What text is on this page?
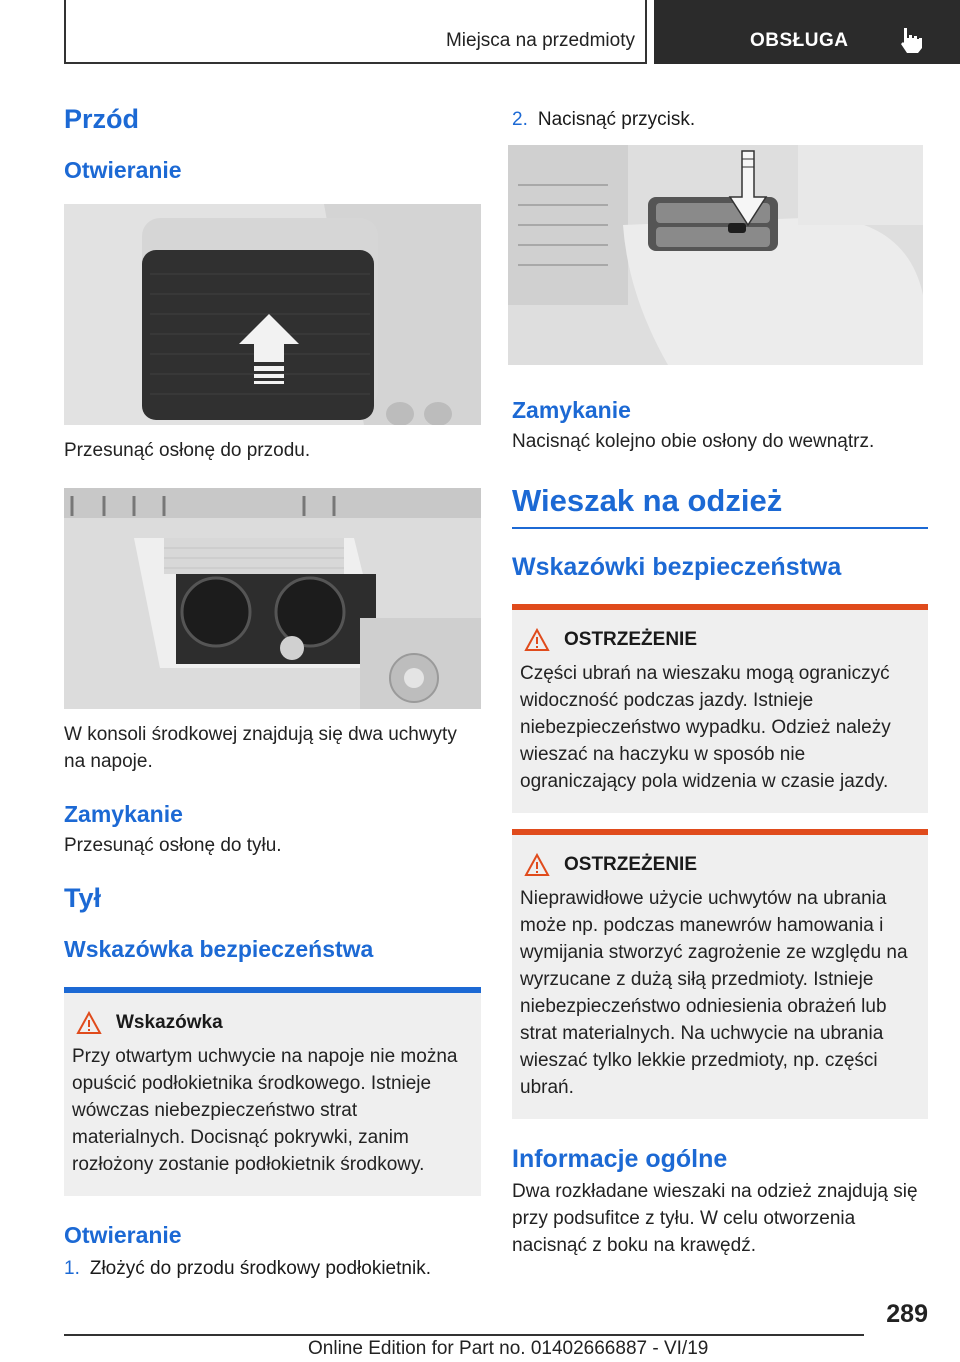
Miejsca na przedmioty	OBSŁUGA
Przód
Otwieranie

Przesunąć osłonę do przodu.

W konsoli środkowej znajdują się dwa uchwyty na napoje.

Zamykanie

Przesunąć osłonę do tyłu.

Tył
Wskazówka bezpieczeństwa
Wskazówka

Przy otwartym uchwycie na napoje nie można opuścić podłokietnika środkowego. Istnieje wówczas niebezpieczeństwo strat materialnych. Docisnąć pokrywki, zanim rozłożony zostanie podłokietnik środkowy.

Otwieranie
1. Złożyć do przodu środkowy podłokietnik.
2. Nacisnąć przycisk.
Zamykanie

Nacisnąć kolejno obie osłony do wewnątrz.

Wieszak na odzież
Wskazówki bezpieczeństwa
OSTRZEŻENIE

Części ubrań na wieszaku mogą ograniczyć widoczność podczas jazdy. Istnieje niebezpieczeństwo wypadku. Odzież należy wieszać na haczyku w sposób nie ograniczający pola widzenia w czasie jazdy.

OSTRZEŻENIE

Nieprawidłowe użycie uchwytów na ubrania może np. podczas manewrów hamowania i wymijania stworzyć zagrożenie ze względu na wyrzucane z dużą siłą przedmioty. Istnieje niebezpieczeństwo odniesienia obrażeń lub strat materialnych. Na uchwycie na ubrania wieszać tylko lekkie przedmioty, np. części ubrań.

Informacje ogólne

Dwa rozkładane wieszaki na odzież znajdują się przy podsufitce z tyłu. W celu otworzenia nacisnąć z boku na krawędź.

289
Online Edition for Part no. 01402666887 - VI/19
